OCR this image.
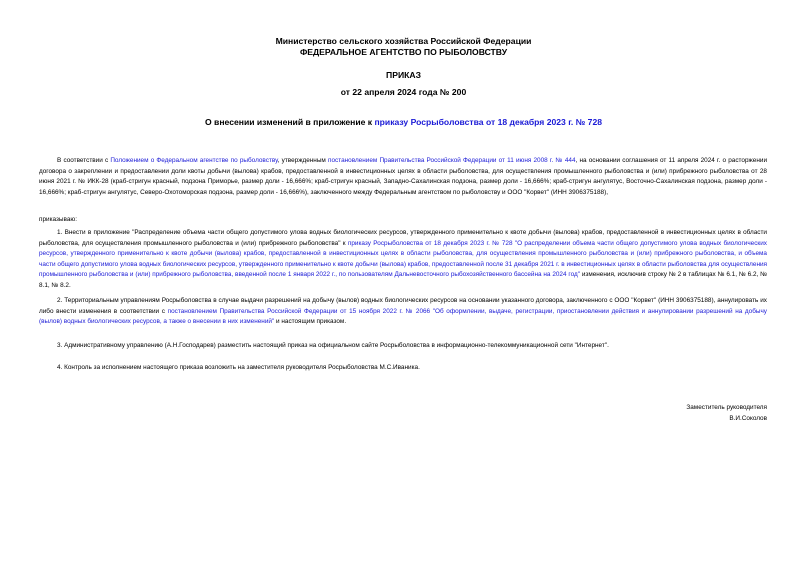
Министерство сельского хозяйства Российской Федерации
ФЕДЕРАЛЬНОЕ АГЕНТСТВО ПО РЫБОЛОВСТВУ
ПРИКАЗ
от 22 апреля 2024 года № 200
О внесении изменений в приложение к приказу Росрыболовства от 18 декабря 2023 г. № 728
В соответствии с Положением о Федеральном агентстве по рыболовству, утвержденным постановлением Правительства Российской Федерации от 11 июня 2008 г. № 444, на основании соглашения от 11 апреля 2024 г. о расторжении договора о закреплении и предоставлении доли квоты добычи (вылова) крабов, предоставленной в инвестиционных целях в области рыболовства, для осуществления промышленного рыболовства и (или) прибрежного рыболовства от 28 июня 2021 г. № ИКК-28 (краб-стригун красный, подзона Приморье, размер доли - 16,666%; краб-стригун красный, Западно-Сахалинская подзона, размер доли - 16,666%; краб-стригун ангулятус, Восточно-Сахалинская подзона, размер доли - 16,666%; краб-стригун ангулятус, Северо-Охотоморская подзона, размер доли - 16,666%), заключенного между Федеральным агентством по рыболовству и ООО "Корвет" (ИНН 3906375188),
приказываю:
1. Внести в приложение "Распределение объема части общего допустимого улова водных биологических ресурсов, утвержденного применительно к квоте добычи (вылова) крабов, предоставленной в инвестиционных целях в области рыболовства, для осуществления промышленного рыболовства и (или) прибрежного рыболовства" к приказу Росрыболовства от 18 декабря 2023 г. № 728 "О распределении объема части общего допустимого улова водных биологических ресурсов, утвержденного применительно к квоте добычи (вылова) крабов, предоставленной в инвестиционных целях в области рыболовства, для осуществления промышленного рыболовства и (или) прибрежного рыболовства, и объема части общего допустимого улова водных биологических ресурсов, утвержденного применительно к квоте добычи (вылова) крабов, предоставленной после 31 декабря 2021 г. в инвестиционных целях в области рыболовства для осуществления промышленного рыболовства и (или) прибрежного рыболовства, введенной после 1 января 2022 г., по пользователям Дальневосточного рыбохозяйственного бассейна на 2024 год" изменения, исключив строку № 2 в таблицах № 6.1, № 6.2, № 8.1, № 8.2.
2. Территориальным управлениям Росрыболовства в случае выдачи разрешений на добычу (вылов) водных биологических ресурсов на основании указанного договора, заключенного с ООО "Корвет" (ИНН 3906375188), аннулировать их либо внести изменения в соответствии с постановлением Правительства Российской Федерации от 15 ноября 2022 г. № 2066 "Об оформлении, выдаче, регистрации, приостановлении действия и аннулировании разрешений на добычу (вылов) водных биологических ресурсов, а также о внесении в них изменений" и настоящим приказом.
3. Административному управлению (А.Н.Господарев) разместить настоящий приказ на официальном сайте Росрыболовства в информационно-телекоммуникационной сети "Интернет".
4. Контроль за исполнением настоящего приказа возложить на заместителя руководителя Росрыболовства М.С.Иваника.
Заместитель руководителя
В.И.Соколов
